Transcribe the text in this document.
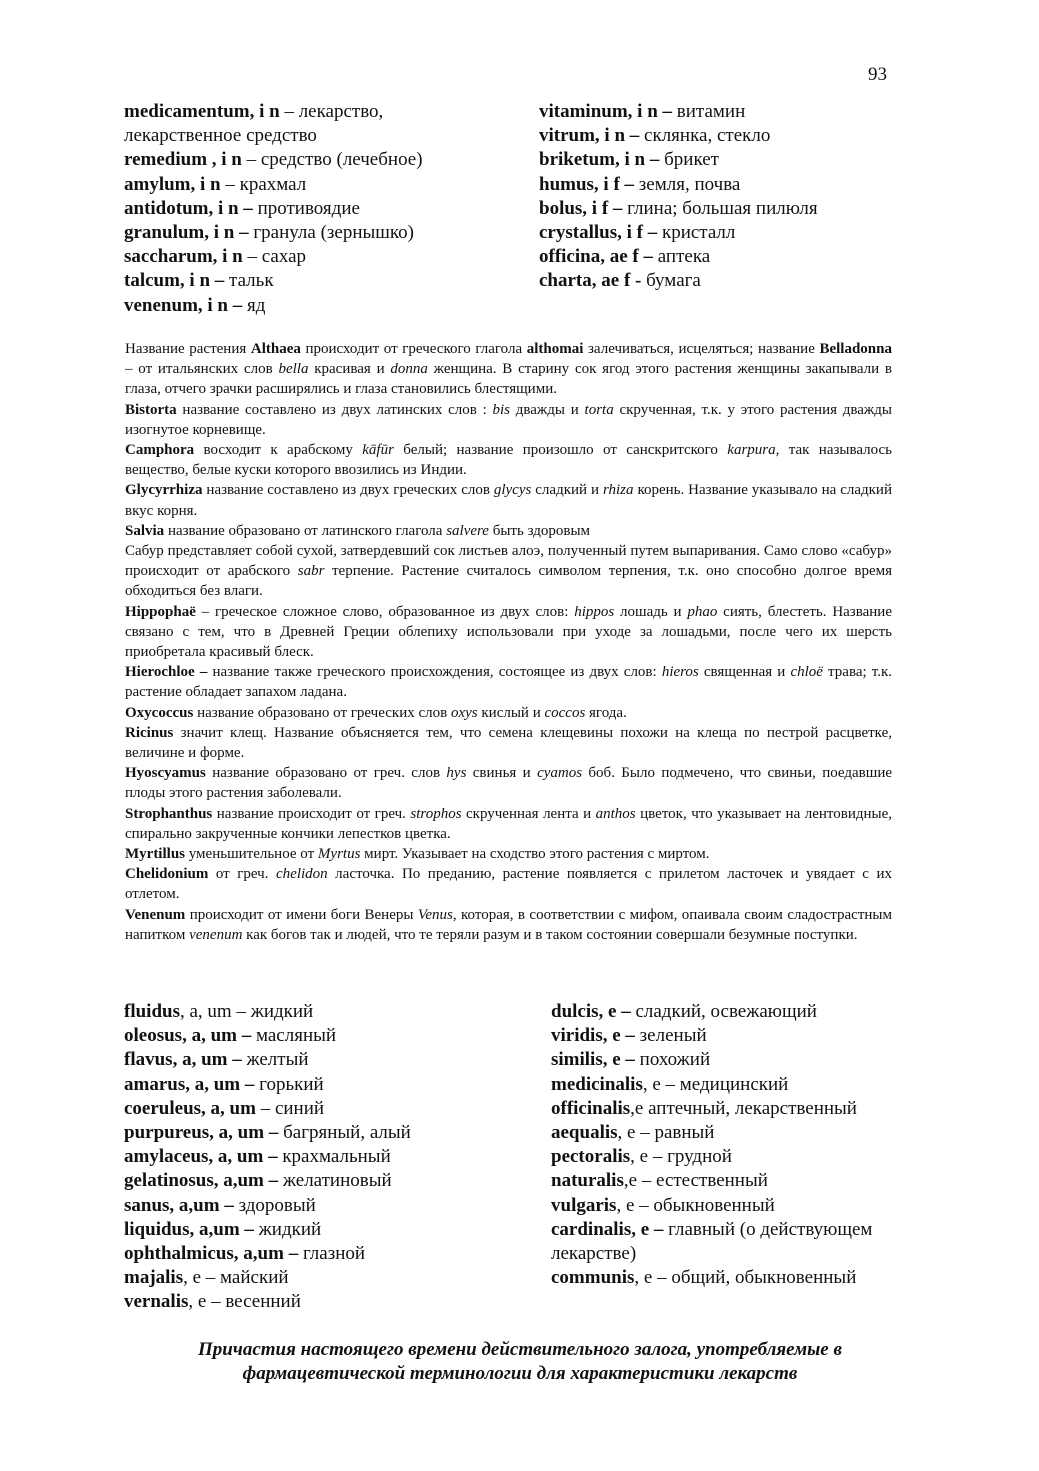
93
medicamentum, i n – лекарство,
лекарственное средство
remedium , i n – средство (лечебное)
amylum, i n – крахмал
antidotum, i n – противоядие
granulum, i n – гранула (зернышко)
saccharum, i n – сахар
talcum, i n – тальк
venenum, i n – яд
vitaminum, i n – витамин
vitrum, i n – склянка, стекло
briketum, i n – брикет
humus, i f – земля, почва
bolus, i f – глина; большая пилюля
crystallus, i f – кристалл
officina, ae f – аптека
charta, ae f - бумага

Название растения Althaea происходит от греческого глагола althomai залечиваться, исцеляться; название Belladonna – от итальянских слов bella красивая и donna женщина. В старину сок ягод этого растения женщины закапывали в глаза, отчего зрачки расширялись и глаза становились блестящими.

Bistorta название составлено из двух латинских слов : bis дважды и torta скрученная, т.к. у этого растения дважды изогнутое корневище.

Camphora восходит к арабскому kāfūr белый; название произошло от санскритского karpura, так называлось вещество, белые куски которого ввозились из Индии.

Glycyrrhiza название составлено из двух греческих слов glycys сладкий и rhiza корень. Название указывало на сладкий вкус корня.

Salvia название образовано от латинского глагола salvere быть здоровым

Сабур представляет собой сухой, затвердевший сок листьев алоэ, полученный путем выпаривания. Само слово «сабур» происходит от арабского sabr терпение. Растение считалось символом терпения, т.к. оно способно долгое время обходиться без влаги.

Hippophaё – греческое сложное слово, образованное из двух слов: hippos лошадь и phao сиять, блестеть. Название связано с тем, что в Древней Греции облепиху использовали при уходе за лошадьми, после чего их шерсть приобретала красивый блеск.

Hierochloe – название также греческого происхождения, состоящее из двух слов: hieros священная и chloё трава; т.к. растение обладает запахом ладана.

Oxycoccus название образовано от греческих слов oxys кислый и coccos ягода.

Ricinus значит клещ. Название объясняется тем, что семена клещевины похожи на клеща по пестрой расцветке, величине и форме.

Hyoscyamus название образовано от греч. слов hys свинья и cyamos боб. Было подмечено, что свиньи, поедавшие плоды этого растения заболевали.

Strophanthus название происходит от греч. strophos скрученная лента и anthos цветок, что указывает на лентовидные, спирально закрученные кончики лепестков цветка.

Myrtillus уменьшительное от Myrtus мирт. Указывает на сходство этого растения с миртом.

Chelidonium от греч. chelidon ласточка. По преданию, растение появляется с прилетом ласточек и увядает с их отлетом.

Venenum происходит от имени боги Венеры Venus, которая, в соответствии с мифом, опаивала своим сладострастным напитком venenum как богов так и людей, что те теряли разум и в таком состоянии совершали безумные поступки.

fluidus, a, um – жидкий
oleosus, a, um – масляный
flavus, a, um – желтый
amarus, a, um – горький
coeruleus, a, um – синий
purpureus, a, um – багряный, алый
amylaceus, a, um – крахмальный
gelatinosus, a,um – желатиновый
sanus, a,um – здоровый
liquidus, a,um – жидкий
ophthalmicus, a,um – глазной
majalis, е – майский
vernalis, е – весенний
dulcis, e – сладкий, освежающий
viridis, e – зеленый
similis, e – похожий
medicinalis, e – медицинский
officinalis,e аптечный, лекарственный
aequalis, e – равный
pectoralis, e – грудной
naturalis,e – естественный
vulgaris, e – обыкновенный
cardinalis, e – главный (о действующем лекарстве)
communis, e – общий, обыкновенный
Причастия настоящего времени действительного залога, употребляемые в
фармацевтической терминологии для характеристики лекарств
